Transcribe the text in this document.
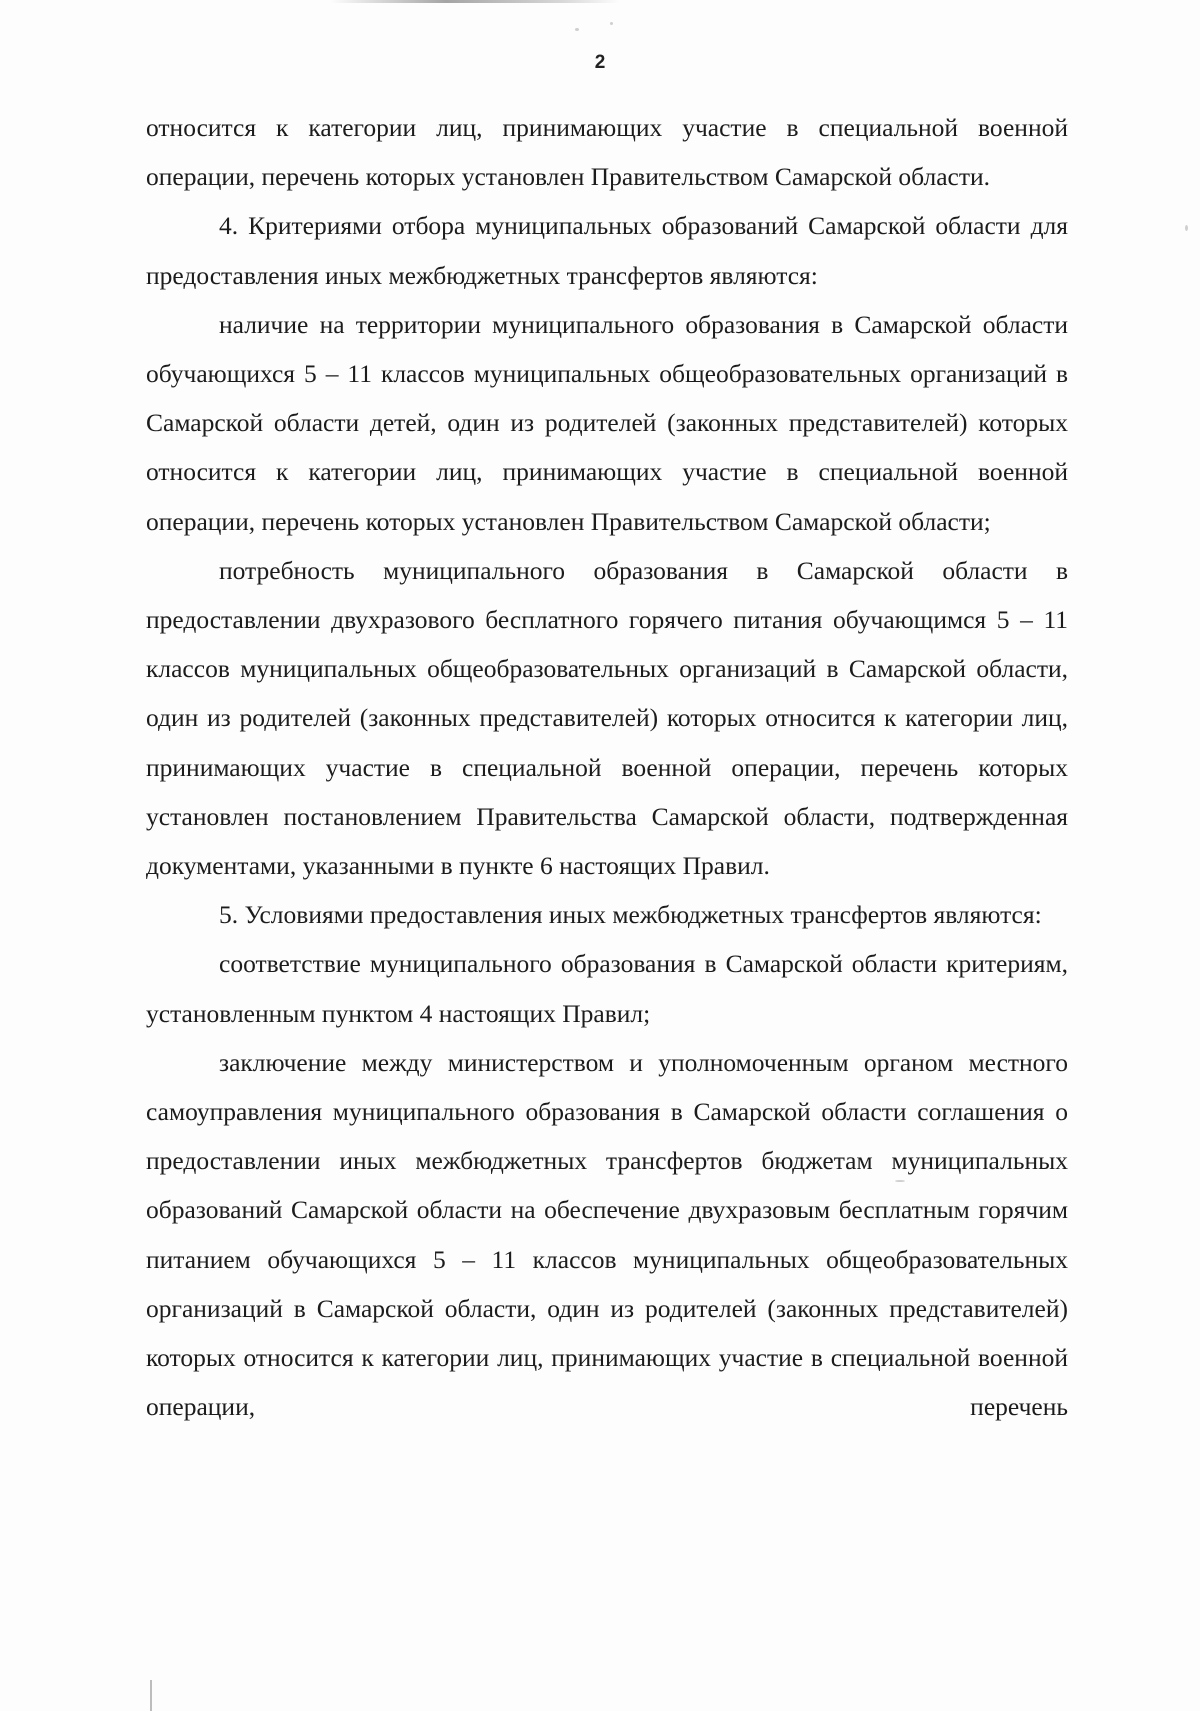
2

относится к категории лиц, принимающих участие в специальной военной операции, перечень которых установлен Правительством Самарской области.

4. Критериями отбора муниципальных образований Самарской области для предоставления иных межбюджетных трансфертов являются:

наличие на территории муниципального образования в Самарской области обучающихся 5 – 11 классов муниципальных общеобразовательных организаций в Самарской области детей, один из родителей (законных представителей) которых относится к категории лиц, принимающих участие в специальной военной операции, перечень которых установлен Правительством Самарской области;

потребность муниципального образования в Самарской области в предоставлении двухразового бесплатного горячего питания обучающимся 5 – 11 классов муниципальных общеобразовательных организаций в Самарской области, один из родителей (законных представителей) которых относится к категории лиц, принимающих участие в специальной военной операции, перечень которых установлен постановлением Правительства Самарской области, подтвержденная документами, указанными в пункте 6 настоящих Правил.

5. Условиями предоставления иных межбюджетных трансфертов являются:

соответствие муниципального образования в Самарской области критериям, установленным пунктом 4 настоящих Правил;

заключение между министерством и уполномоченным органом местного самоуправления муниципального образования в Самарской области соглашения о предоставлении иных межбюджетных трансфертов бюджетам муниципальных образований Самарской области на обеспечение двухразовым бесплатным горячим питанием обучающихся 5 – 11 классов муниципальных общеобразовательных организаций в Самарской области, один из родителей (законных представителей) которых относится к категории лиц, принимающих участие в специальной военной операции, перечень
